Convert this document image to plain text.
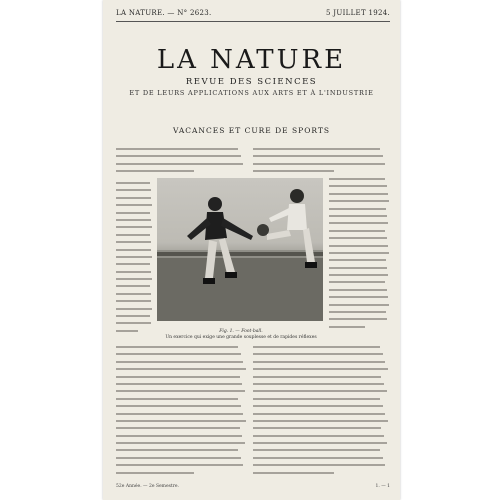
LA NATURE. — N° 2623.	5 JUILLET 1924.
LA NATURE
REVUE DES SCIENCES
ET DE LEURS APPLICATIONS AUX ARTS ET À L'INDUSTRIE
VACANCES ET CURE DE SPORTS
Fig. 1. — Foot-ball.
Un exercice qui exige une grande souplesse et de rapides réflexes
52e Année. — 2e Semestre.	1. — 1
